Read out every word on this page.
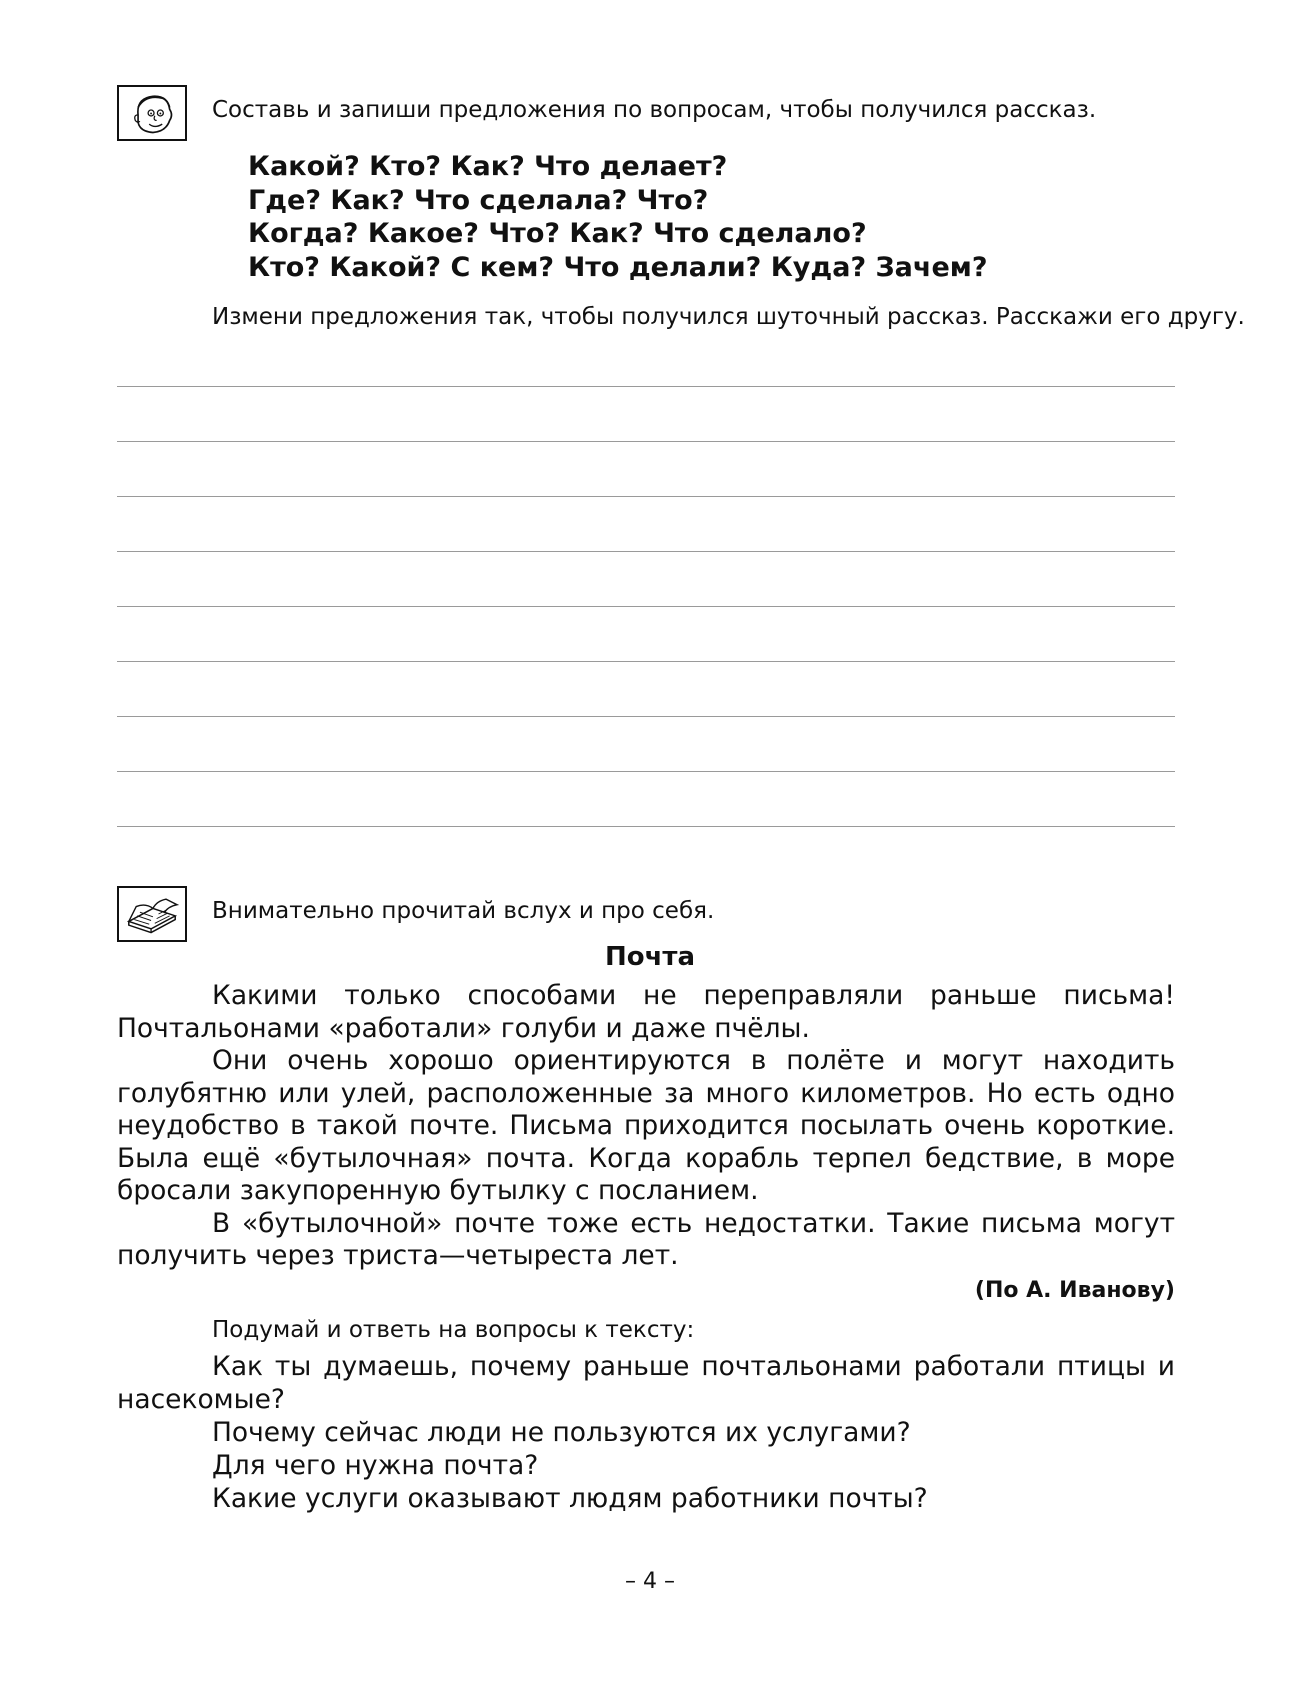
Составь и запиши предложения по вопросам, чтобы получился рассказ.
Какой? Кто? Как? Что делает?
Где? Как? Что сделала? Что?
Когда? Какое? Что? Как? Что сделало?
Кто? Какой? С кем? Что делали? Куда? Зачем?
Измени предложения так, чтобы получился шуточный рассказ. Расскажи его другу.
Внимательно прочитай вслух и про себя.
Почта

Какими только способами не переправляли раньше письма! Почтальонами «работали» голуби и даже пчёлы.

Они очень хорошо ориентируются в полёте и могут находить голубятню или улей, расположенные за много километров. Но есть одно неудобство в такой почте. Письма приходится посылать очень короткие. Была ещё «бутылочная» почта. Когда корабль терпел бедствие, в море бросали закупоренную бутылку с посланием.

В «бутылочной» почте тоже есть недостатки. Такие письма могут получить через триста—четыреста лет.

(По А. Иванову)
Подумай и ответь на вопросы к тексту:

Как ты думаешь, почему раньше почтальонами работали птицы и насекомые?

Почему сейчас люди не пользуются их услугами?

Для чего нужна почта?

Какие услуги оказывают людям работники почты?

– 4 –
